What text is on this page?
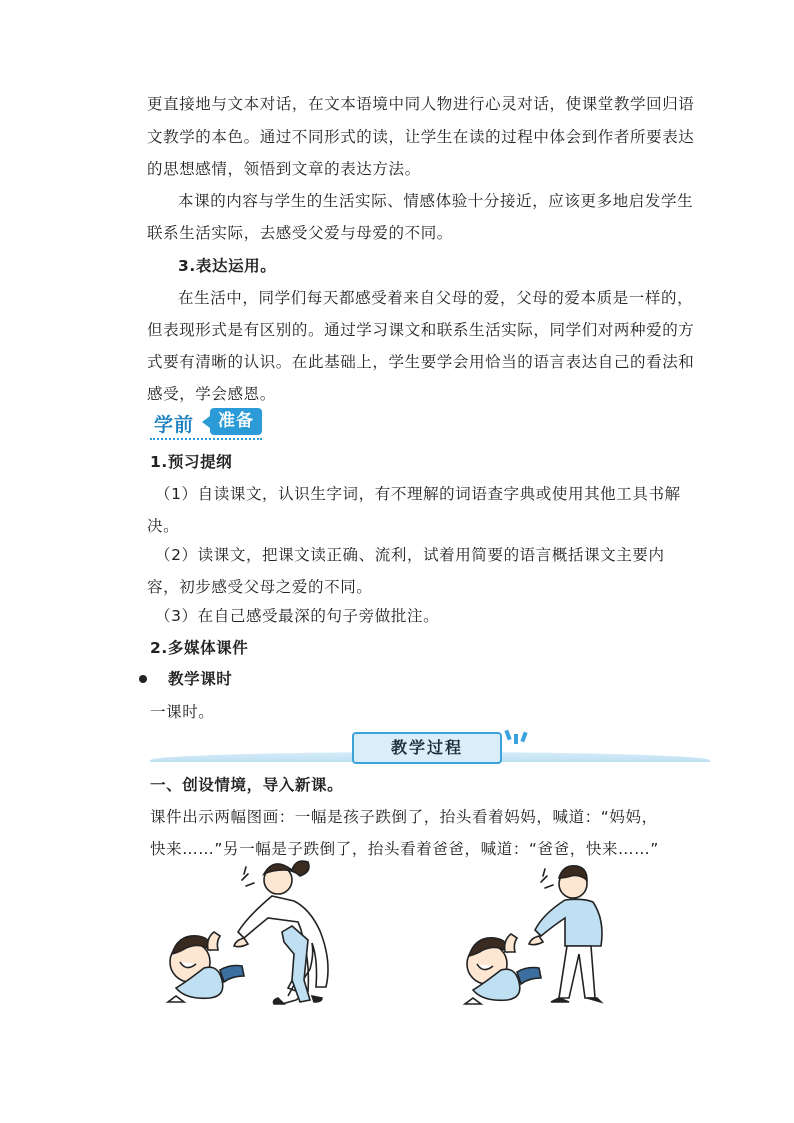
更直接地与文本对话，在文本语境中同人物进行心灵对话，使课堂教学回归语
文教学的本色。通过不同形式的读，让学生在读的过程中体会到作者所要表达
的思想感情，领悟到文章的表达方法。
本课的内容与学生的生活实际、情感体验十分接近，应该更多地启发学生
联系生活实际，去感受父爱与母爱的不同。
3.表达运用。
在生活中，同学们每天都感受着来自父母的爱，父母的爱本质是一样的，
但表现形式是有区别的。通过学习课文和联系生活实际，同学们对两种爱的方
式要有清晰的认识。在此基础上，学生要学会用恰当的语言表达自己的看法和
感受，学会感恩。
学前	准备
1.预习提纲
（1）自读课文，认识生字词，有不理解的词语查字典或使用其他工具书解
决。
（2）读课文，把课文读正确、流利，试着用简要的语言概括课文主要内
容，初步感受父母之爱的不同。
（3）在自己感受最深的句子旁做批注。
2.多媒体课件
教学课时
一课时。
教学过程
一、创设情境，导入新课。
课件出示两幅图画：一幅是孩子跌倒了，抬头看着妈妈，喊道：“妈妈，
快来……”另一幅是子跌倒了，抬头看着爸爸，喊道：“爸爸，快来……”
